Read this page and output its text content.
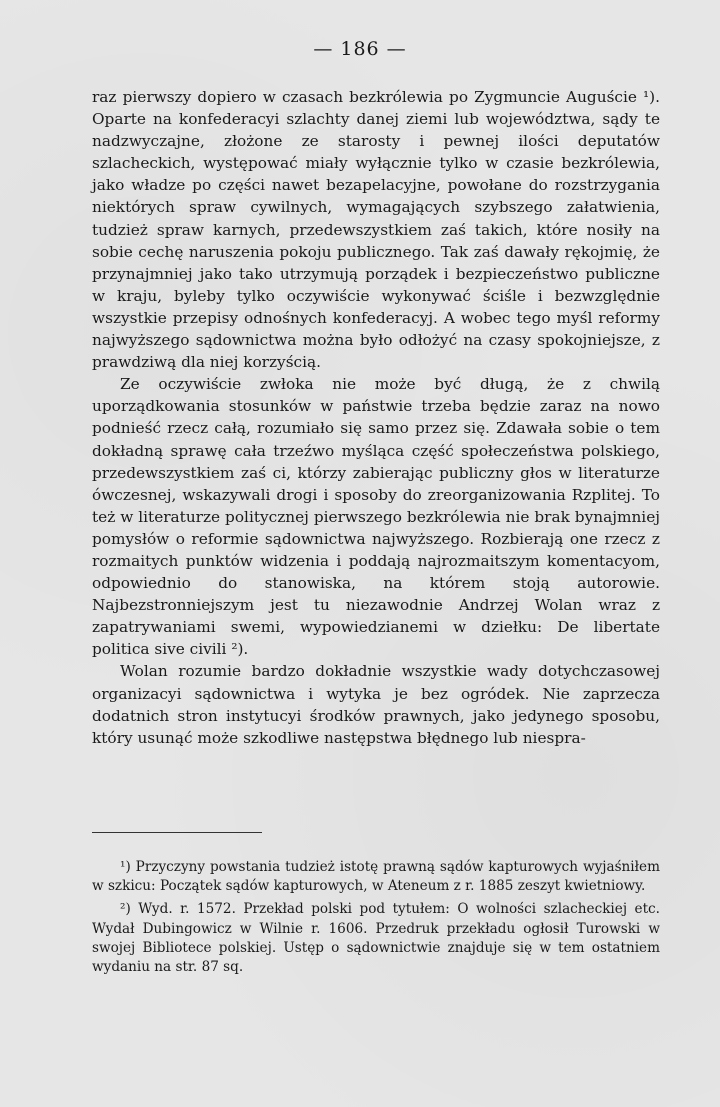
— 186 —

raz pierwszy dopiero w czasach bezkrólewia po Zygmuncie Auguście ¹). Oparte na konfederacyi szlachty danej ziemi lub województwa, sądy te nadzwyczajne, złożone ze starosty i pewnej ilości deputatów szlacheckich, występować miały wyłącznie tylko w czasie bezkrólewia, jako władze po części nawet bezapelacyjne, powołane do rozstrzygania niektórych spraw cywilnych, wymagających szybszego załatwienia, tudzież spraw karnych, przedewszystkiem zaś takich, które nosiły na sobie cechę naruszenia pokoju publicznego. Tak zaś dawały rękojmię, że przynajmniej jako tako utrzymują porządek i bezpieczeństwo publiczne w kraju, byleby tylko oczywiście wykonywać ściśle i bezwzględnie wszystkie przepisy odnośnych konfederacyj. A wobec tego myśl reformy najwyższego sądownictwa można było odłożyć na czasy spokojniejsze, z prawdziwą dla niej korzyścią.

Ze oczywiście zwłoka nie może być długą, że z chwilą uporządkowania stosunków w państwie trzeba będzie zaraz na nowo podnieść rzecz całą, rozumiało się samo przez się. Zdawała sobie o tem dokładną sprawę cała trzeźwo myśląca część społeczeństwa polskiego, przedewszystkiem zaś ci, którzy zabierając publiczny głos w literaturze ówczesnej, wskazywali drogi i sposoby do zreorganizowania Rzplitej. To też w literaturze politycznej pierwszego bezkrólewia nie brak bynajmniej pomysłów o reformie sądownictwa najwyższego. Rozbierają one rzecz z rozmaitych punktów widzenia i poddają najrozmaitszym komentacyom, odpowiednio do stanowiska, na którem stoją autorowie. Najbezstronniejszym jest tu niezawodnie Andrzej Wolan wraz z zapatrywaniami swemi, wypowiedzianemi w dziełku: De libertate politica sive civili ²).

Wolan rozumie bardzo dokładnie wszystkie wady dotychczasowej organizacyi sądownictwa i wytyka je bez ogródek. Nie zaprzecza dodatnich stron instytucyi środków prawnych, jako jedynego sposobu, który usunąć może szkodliwe następstwa błędnego lub niespra-

¹) Przyczyny powstania tudzież istotę prawną sądów kapturowych wyjaśniłem w szkicu: Początek sądów kapturowych, w Ateneum z r. 1885 zeszyt kwietniowy.

²) Wyd. r. 1572. Przekład polski pod tytułem: O wolności szlacheckiej etc. Wydał Dubingowicz w Wilnie r. 1606. Przedruk przekładu ogłosił Turowski w swojej Bibliotece polskiej. Ustęp o sądownictwie znajduje się w tem ostatniem wydaniu na str. 87 sq.
